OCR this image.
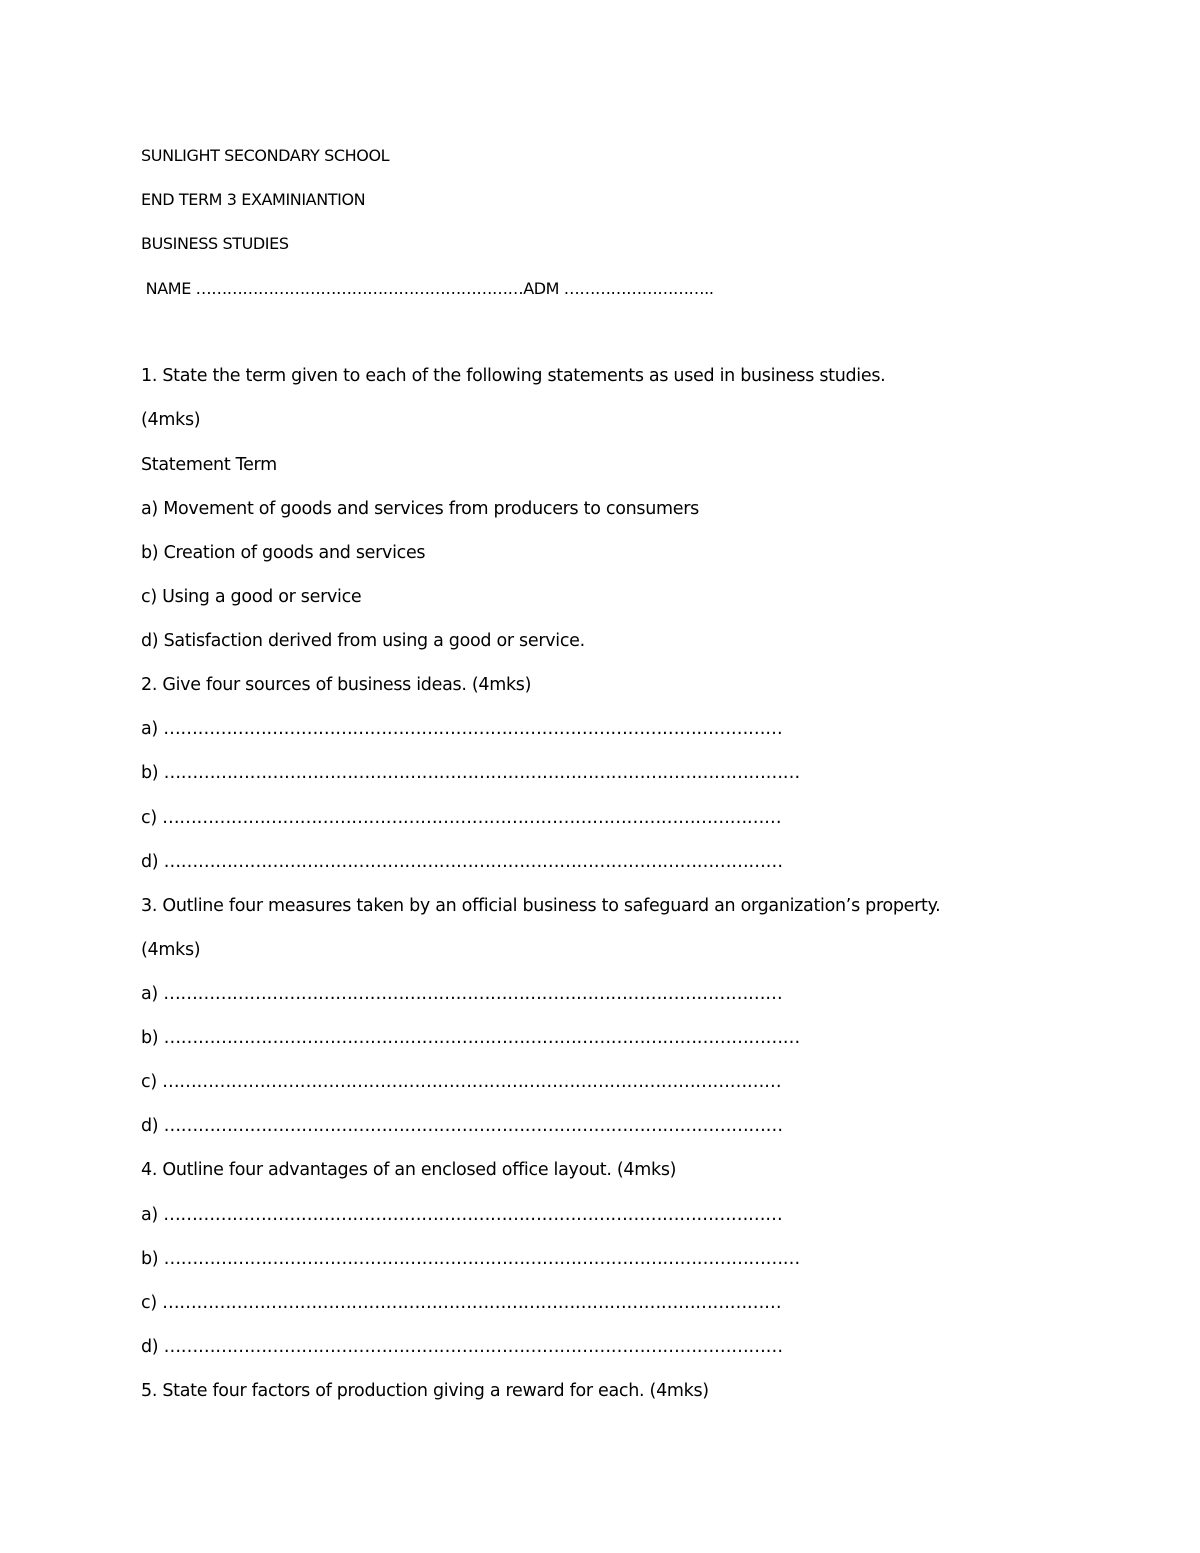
SUNLIGHT SECONDARY SCHOOL
END TERM 3 EXAMINIANTION
BUSINESS STUDIES
NAME ………………………………………………………ADM ………………………..
1. State the term given to each of the following statements as used in business studies.
(4mks)
Statement Term
a) Movement of goods and services from producers to consumers
b) Creation of goods and services
c) Using a good or service
d) Satisfaction derived from using a good or service.
2. Give four sources of business ideas. (4mks)
a) ………………………………………………………………………………………………
b) …………………………………………………………………………………………………
c) ………………………………………………………………………………………………
d) ………………………………………………………………………………………………
3. Outline four measures taken by an official business to safeguard an organization’s property.
(4mks)
a) ………………………………………………………………………………………………
b) …………………………………………………………………………………………………
c) ………………………………………………………………………………………………
d) ………………………………………………………………………………………………
4. Outline four advantages of an enclosed office layout. (4mks)
a) ………………………………………………………………………………………………
b) …………………………………………………………………………………………………
c) ………………………………………………………………………………………………
d) ………………………………………………………………………………………………
5. State four factors of production giving a reward for each. (4mks)
